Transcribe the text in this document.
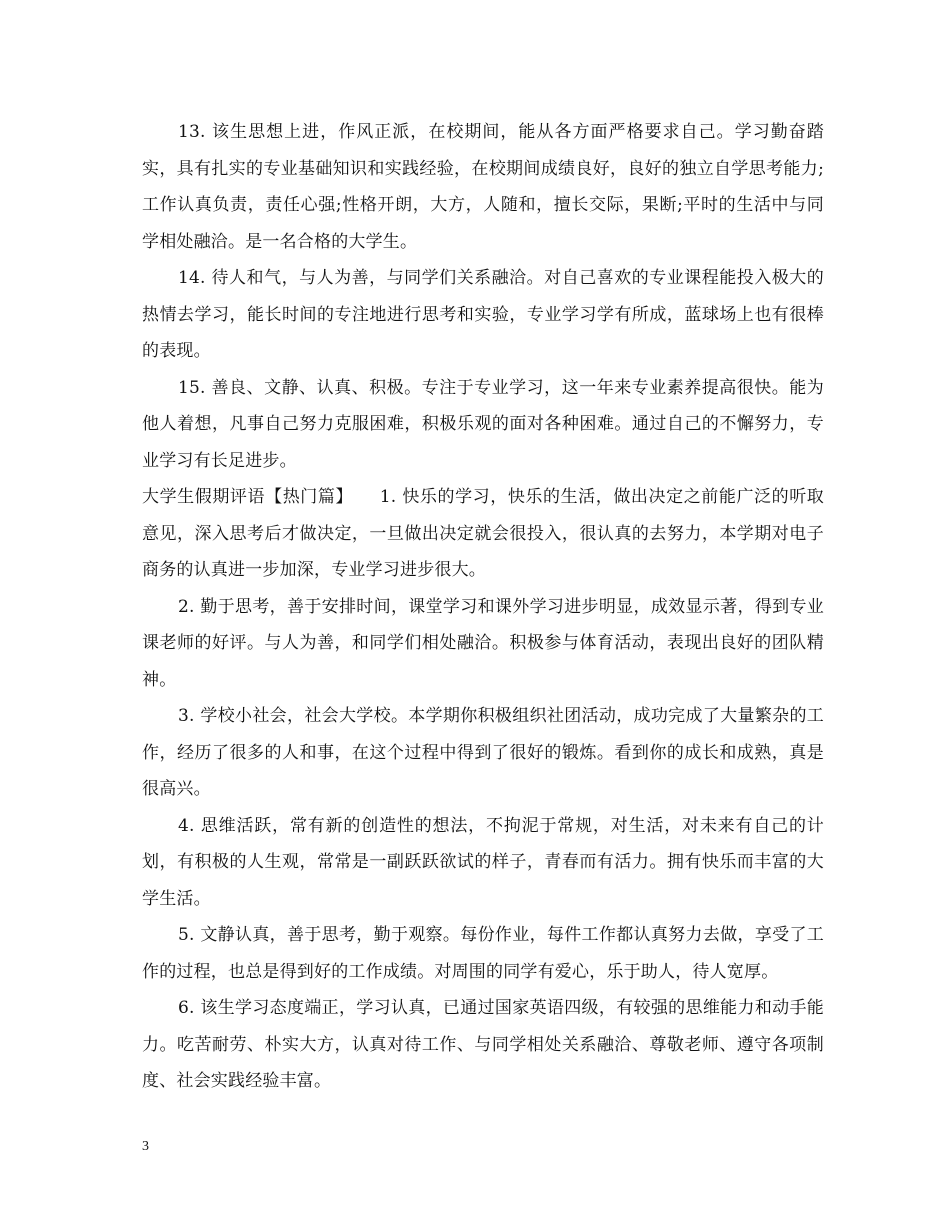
13. 该生思想上进，作风正派，在校期间，能从各方面严格要求自己。学习勤奋踏实，具有扎实的专业基础知识和实践经验，在校期间成绩良好，良好的独立自学思考能力;工作认真负责，责任心强;性格开朗，大方，人随和，擅长交际，果断;平时的生活中与同学相处融洽。是一名合格的大学生。

14. 待人和气，与人为善，与同学们关系融洽。对自己喜欢的专业课程能投入极大的热情去学习，能长时间的专注地进行思考和实验，专业学习学有所成，蓝球场上也有很棒的表现。

15. 善良、文静、认真、积极。专注于专业学习，这一年来专业素养提高很快。能为他人着想，凡事自己努力克服困难，积极乐观的面对各种困难。通过自己的不懈努力，专业学习有长足进步。

大学生假期评语【热门篇】　　1. 快乐的学习，快乐的生活，做出决定之前能广泛的听取意见，深入思考后才做决定，一旦做出决定就会很投入，很认真的去努力，本学期对电子商务的认真进一步加深，专业学习进步很大。

2. 勤于思考，善于安排时间，课堂学习和课外学习进步明显，成效显示著，得到专业课老师的好评。与人为善，和同学们相处融洽。积极参与体育活动，表现出良好的团队精神。

3. 学校小社会，社会大学校。本学期你积极组织社团活动，成功完成了大量繁杂的工作，经历了很多的人和事，在这个过程中得到了很好的锻炼。看到你的成长和成熟，真是很高兴。

4. 思维活跃，常有新的创造性的想法，不拘泥于常规，对生活，对未来有自己的计划，有积极的人生观，常常是一副跃跃欲试的样子，青春而有活力。拥有快乐而丰富的大学生活。

5. 文静认真，善于思考，勤于观察。每份作业，每件工作都认真努力去做，享受了工作的过程，也总是得到好的工作成绩。对周围的同学有爱心，乐于助人，待人宽厚。

6. 该生学习态度端正，学习认真，已通过国家英语四级，有较强的思维能力和动手能力。吃苦耐劳、朴实大方，认真对待工作、与同学相处关系融洽、尊敬老师、遵守各项制度、社会实践经验丰富。

3
